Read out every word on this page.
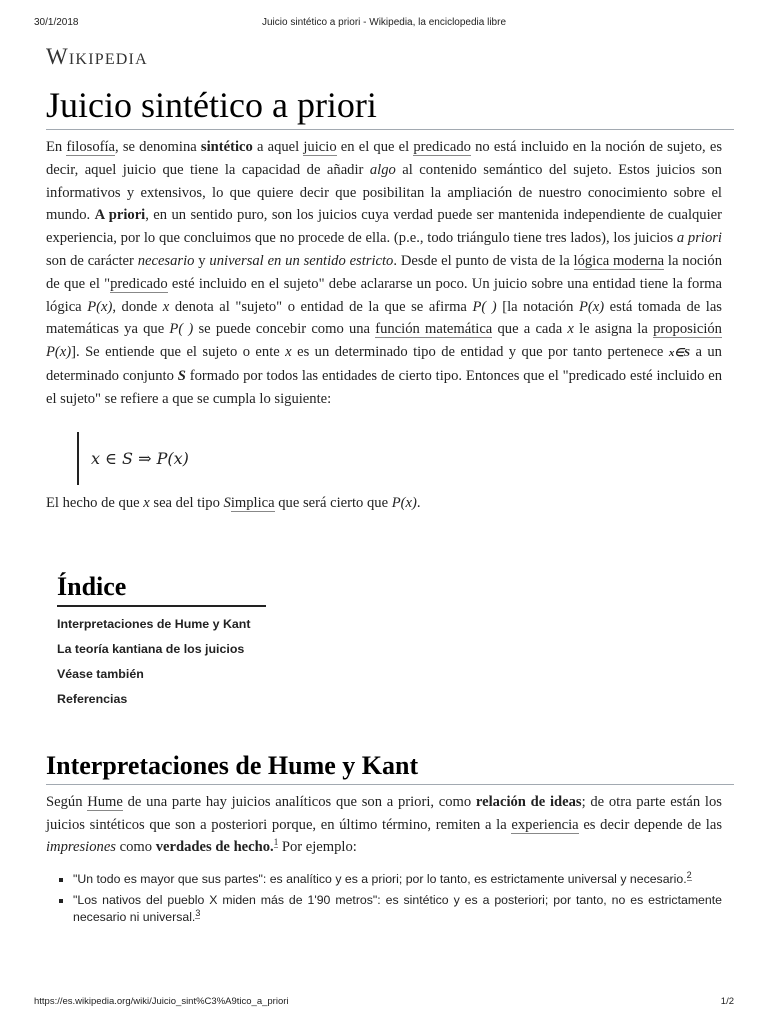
30/1/2018	Juicio sintético a priori - Wikipedia, la enciclopedia libre
Wikipedia
Juicio sintético a priori

En filosofía, se denomina sintético a aquel juicio en el que el predicado no está incluido en la noción de sujeto, es decir, aquel juicio que tiene la capacidad de añadir algo al contenido semántico del sujeto. Estos juicios son informativos y extensivos, lo que quiere decir que posibilitan la ampliación de nuestro conocimiento sobre el mundo. A priori, en un sentido puro, son los juicios cuya verdad puede ser mantenida independiente de cualquier experiencia, por lo que concluimos que no procede de ella. (p.e., todo triángulo tiene tres lados), los juicios a priori son de carácter necesario y universal en un sentido estricto. Desde el punto de vista de la lógica moderna la noción de que el "predicado esté incluido en el sujeto" debe aclararse un poco. Un juicio sobre una entidad tiene la forma lógica P(x), donde x denota al "sujeto" o entidad de la que se afirma P( ) [la notación P(x) está tomada de las matemáticas ya que P( ) se puede concebir como una función matemática que a cada x le asigna la proposición P(x)]. Se entiende que el sujeto o ente x es un determinado tipo de entidad y que por tanto pertenece x∈S a un determinado conjunto S formado por todos las entidades de cierto tipo. Entonces que el "predicado esté incluido en el sujeto" se refiere a que se cumpla lo siguiente:

x ∈ S ⇒ P(x)

El hecho de que x sea del tipo Simplica que será cierto que P(x).

Índice
Interpretaciones de Hume y Kant
La teoría kantiana de los juicios
Véase también
Referencias
Interpretaciones de Hume y Kant

Según Hume de una parte hay juicios analíticos que son a priori, como relación de ideas; de otra parte están los juicios sintéticos que son a posteriori porque, en último término, remiten a la experiencia es decir depende de las impresiones como verdades de hecho.$^1$ Por ejemplo:

"Un todo es mayor que sus partes": es analítico y es a priori; por lo tanto, es estrictamente universal y necesario.$^2$
"Los nativos del pueblo X miden más de 1'90 metros": es sintético y es a posteriori; por tanto, no es estrictamente necesario ni universal.$^3$
https://es.wikipedia.org/wiki/Juicio_sint%C3%A9tico_a_priori	1/2
